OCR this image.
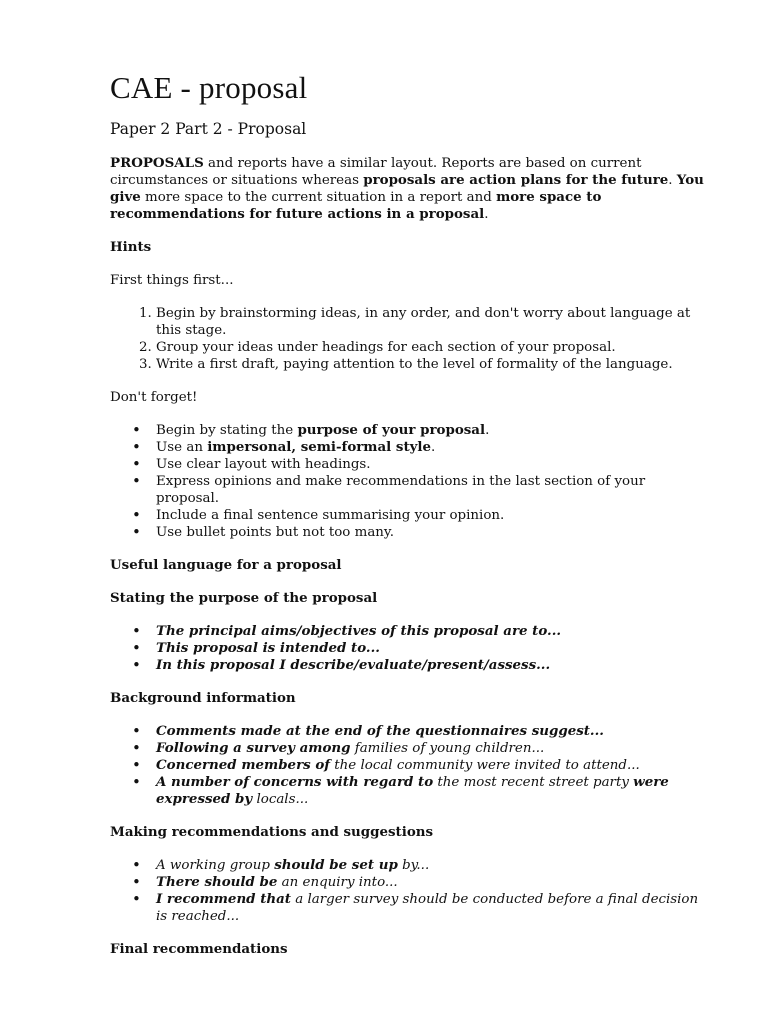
CAE - proposal
Paper 2 Part 2 - Proposal

PROPOSALS and reports have a similar layout. Reports are based on current circumstances or situations whereas proposals are action plans for the future. You give more space to the current situation in a report and more space to recommendations for future actions in a proposal.

Hints

First things first...

1. Begin by brainstorming ideas, in any order, and don't worry about language at this stage.
2. Group your ideas under headings for each section of your proposal.
3. Write a first draft, paying attention to the level of formality of the language.

Don't forget!

• Begin by stating the purpose of your proposal.
• Use an impersonal, semi-formal style.
• Use clear layout with headings.
• Express opinions and make recommendations in the last section of your proposal.
• Include a final sentence summarising your opinion.
• Use bullet points but not too many.
Useful language for a proposal
Stating the purpose of the proposal
• The principal aims/objectives of this proposal are to...
• This proposal is intended to...
• In this proposal I describe/evaluate/present/assess...
Background information
• Comments made at the end of the questionnaires suggest...
• Following a survey among families of young children...
• Concerned members of the local community were invited to attend...
• A number of concerns with regard to the most recent street party were expressed by locals...
Making recommendations and suggestions
• A working group should be set up by...
• There should be an enquiry into...
• I recommend that a larger survey should be conducted before a final decision is reached...
Final recommendations
